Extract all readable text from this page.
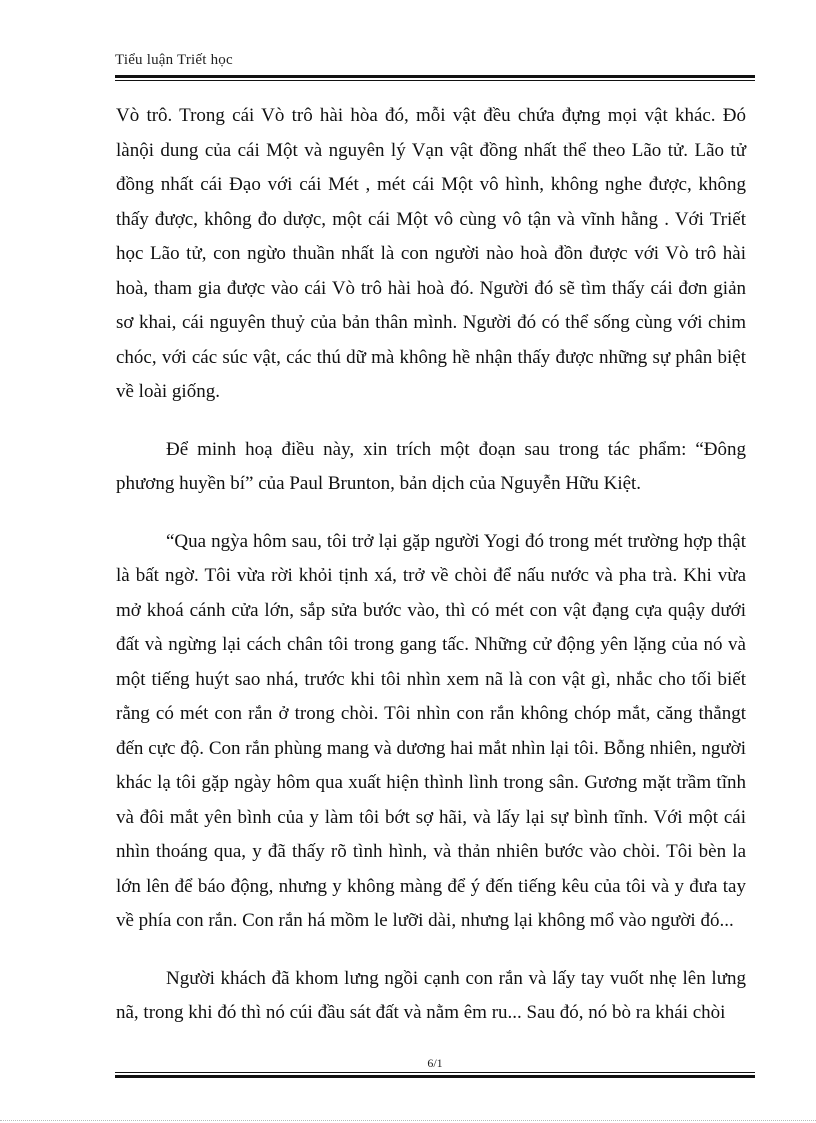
Tiểu luận Triết học

Vò trô. Trong cái Vò trô hài hòa đó, mỗi vật đều chứa đựng mọi vật khác. Đó lànội dung của cái Một và nguyên lý Vạn vật đồng nhất thể theo Lão tử. Lão tử đồng nhất cái Đạo với cái Mét , mét cái Một vô hình, không nghe được, không thấy được, không đo dược, một cái Một vô cùng vô tận và vĩnh hằng . Với Triết học Lão tử, con ngừo thuần nhất là con người nào hoà đồn được với Vò trô hài hoà, tham gia được vào cái Vò trô hài hoà đó. Người đó sẽ tìm thấy cái đơn giản sơ khai, cái nguyên thuỷ của bản thân mình. Người đó có thể sống cùng với chim chóc, với các súc vật, các thú dữ mà không hề nhận thấy được những sự phân biệt về loài giống.

Để minh hoạ điều này, xin trích một đoạn sau trong tác phẩm: “Đông phương huyền bí” của Paul Brunton, bản dịch của Nguyễn Hữu Kiệt.

“Qua ngỳa hôm sau, tôi trở lại gặp người Yogi đó trong mét trường hợp thật là bất ngờ. Tôi vừa rời khỏi tịnh xá, trở về chòi để nấu nước và pha trà. Khi vừa mở khoá cánh cửa lớn, sắp sửa bước vào, thì có mét con vật đạng cựa quậy dưới đất và ngừng lại cách chân tôi trong gang tấc. Những cử động yên lặng của nó và một tiếng huýt sao nhá, trước khi tôi nhìn xem nã là con vật gì, nhắc cho tối biết rằng có mét con rắn ở trong chòi. Tôi nhìn con rắn không chóp mắt, căng thẳngt đến cực độ. Con rắn phùng mang và dương hai mắt nhìn lại tôi. Bỗng nhiên, người khác lạ tôi gặp ngày hôm qua xuất hiện thình lình trong sân. Gương mặt trầm tĩnh và đôi mắt yên bình của y làm tôi bớt sợ hãi, và lấy lại sự bình tĩnh. Với một cái nhìn thoáng qua, y đã thấy rõ tình hình, và thản nhiên bước vào chòi. Tôi bèn la lớn lên để báo động, nhưng y không màng để ý đến tiếng kêu của tôi và y đưa tay về phía con rắn. Con rắn há mồm le lưỡi dài, nhưng lại không mổ vào người đó...

Người khách đã khom lưng ngồi cạnh con rắn và lấy tay vuốt nhẹ lên lưng nã, trong khi đó thì nó cúi đầu sát đất và nằm êm ru... Sau đó, nó bò ra khái chòi

6/1
